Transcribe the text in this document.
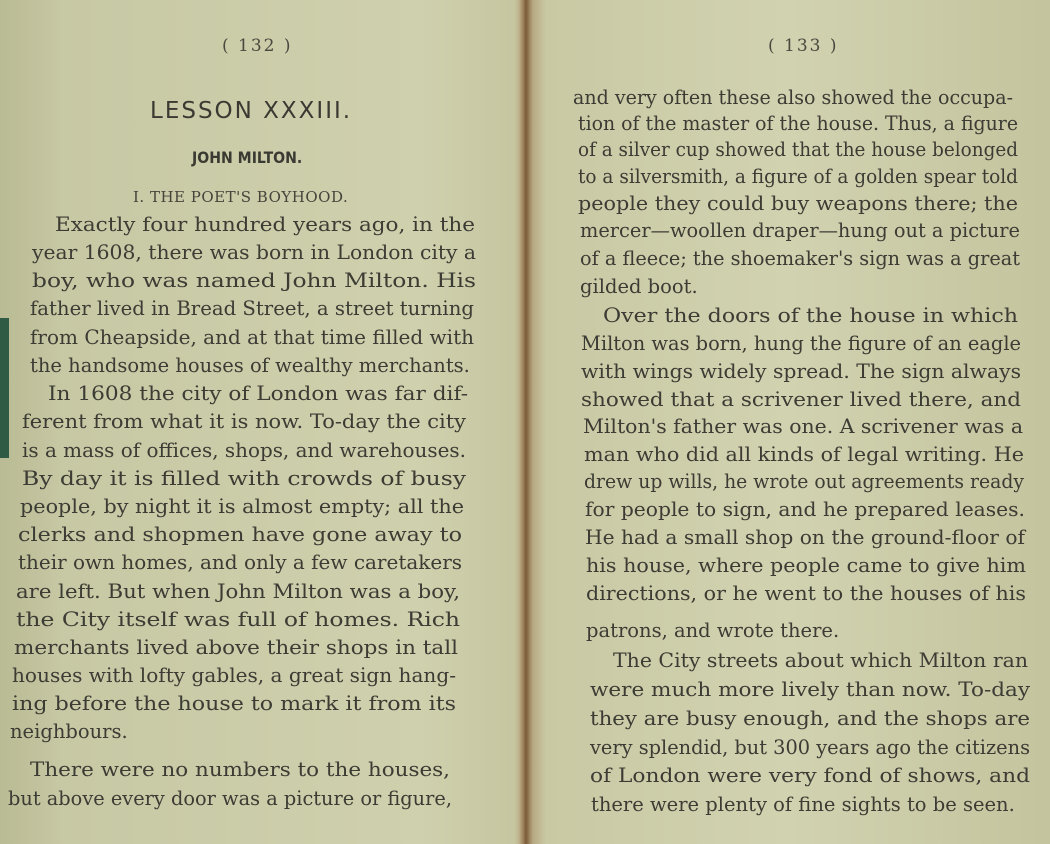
( 132 )
LESSON XXXIII.
JOHN MILTON.
I. THE POET'S BOYHOOD.
Exactly four hundred years ago, in the
year 1608, there was born in London city a
boy, who was named John Milton. His
father lived in Bread Street, a street turning
from Cheapside, and at that time filled with
the handsome houses of wealthy merchants.
In 1608 the city of London was far dif-
ferent from what it is now. To-day the city
is a mass of offices, shops, and warehouses.
By day it is filled with crowds of busy
people, by night it is almost empty; all the
clerks and shopmen have gone away to
their own homes, and only a few caretakers
are left. But when John Milton was a boy,
the City itself was full of homes. Rich
merchants lived above their shops in tall
houses with lofty gables, a great sign hang-
ing before the house to mark it from its
neighbours.
There were no numbers to the houses,
but above every door was a picture or figure,
( 133 )
and very often these also showed the occupa-
tion of the master of the house. Thus, a figure
of a silver cup showed that the house belonged
to a silversmith, a figure of a golden spear told
people they could buy weapons there; the
mercer—woollen draper—hung out a picture
of a fleece; the shoemaker's sign was a great
gilded boot.
Over the doors of the house in which
Milton was born, hung the figure of an eagle
with wings widely spread. The sign always
showed that a scrivener lived there, and
Milton's father was one. A scrivener was a
man who did all kinds of legal writing. He
drew up wills, he wrote out agreements ready
for people to sign, and he prepared leases.
He had a small shop on the ground-floor of
his house, where people came to give him
directions, or he went to the houses of his
patrons, and wrote there.
The City streets about which Milton ran
were much more lively than now. To-day
they are busy enough, and the shops are
very splendid, but 300 years ago the citizens
of London were very fond of shows, and
there were plenty of fine sights to be seen.
